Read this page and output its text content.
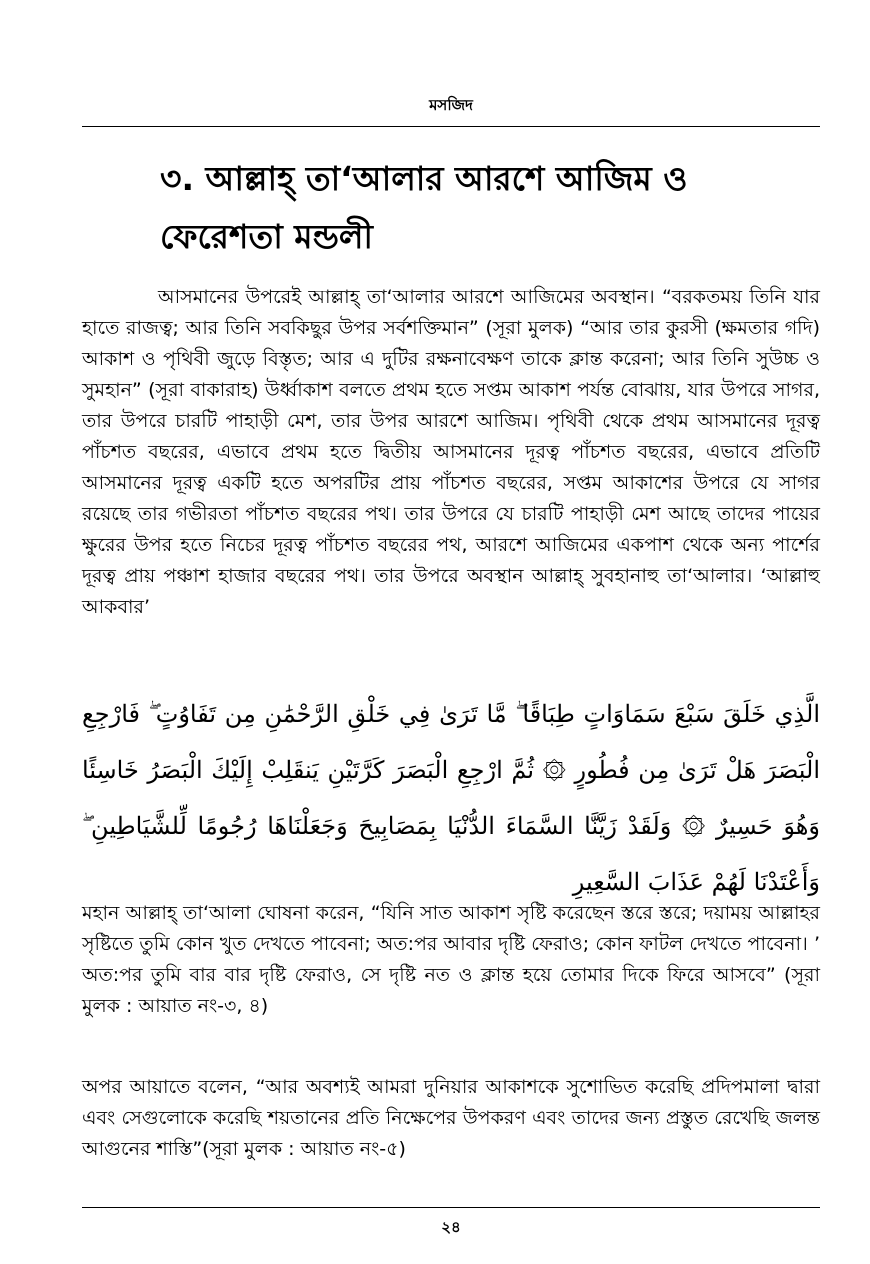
মসজিদ
৩. আল্লাহ্ তা‘আলার আরশে আজিম ও ফেরেশতা মন্ডলী

আসমানের উপরেই আল্লাহ্ তা‘আলার আরশে আজিমের অবস্থান। “বরকতময় তিনি যার হাতে রাজত্ব; আর তিনি সবকিছুর উপর সর্বশক্তিমান” (সূরা মুলক) “আর তার কুরসী (ক্ষমতার গদি) আকাশ ও পৃথিবী জুড়ে বিস্তৃত; আর এ দুটির রক্ষনাবেক্ষণ তাকে ক্লান্ত করেনা; আর তিনি সুউচ্চ ও সুমহান” (সূরা বাকারাহ) উর্ধ্বাকাশ বলতে প্রথম হতে সপ্তম আকাশ পর্যন্ত বোঝায়, যার উপরে সাগর, তার উপরে চারটি পাহাড়ী মেশ, তার উপর আরশে আজিম। পৃথিবী থেকে প্রথম আসমানের দূরত্ব পাঁচশত বছরের, এভাবে প্রথম হতে দ্বিতীয় আসমানের দূরত্ব পাঁচশত বছরের, এভাবে প্রতিটি আসমানের দূরত্ব একটি হতে অপরটির প্রায় পাঁচশত বছরের, সপ্তম আকাশের উপরে যে সাগর রয়েছে তার গভীরতা পাঁচশত বছরের পথ। তার উপরে যে চারটি পাহাড়ী মেশ আছে তাদের পায়ের ক্ষুরের উপর হতে নিচের দূরত্ব পাঁচশত বছরের পথ, আরশে আজিমের একপাশ থেকে অন্য পার্শের দূরত্ব প্রায় পঞ্চাশ হাজার বছরের পথ। তার উপরে অবস্থান আল্লাহ্ সুবহানাহু তা‘আলার। ‘আল্লাহু আকবার’

الَّذِي خَلَقَ سَبْعَ سَمَاوَاتٍ طِبَاقًا ۖ مَّا تَرَىٰ فِي خَلْقِ الرَّحْمَٰنِ مِن تَفَاوُتٍ ۖ فَارْجِعِ الْبَصَرَ هَلْ تَرَىٰ مِن فُطُورٍ ۞ ثُمَّ ارْجِعِ الْبَصَرَ كَرَّتَيْنِ يَنقَلِبْ إِلَيْكَ الْبَصَرُ خَاسِئًا وَهُوَ حَسِيرٌ ۞ وَلَقَدْ زَيَّنَّا السَّمَاءَ الدُّنْيَا بِمَصَابِيحَ وَجَعَلْنَاهَا رُجُومًا لِّلشَّيَاطِينِ ۖ وَأَعْتَدْنَا لَهُمْ عَذَابَ السَّعِيرِ

মহান আল্লাহ্ তা‘আলা ঘোষনা করেন, “যিনি সাত আকাশ সৃষ্টি করেছেন স্তরে স্তরে; দয়াময় আল্লাহর সৃষ্টিতে তুমি কোন খুত দেখতে পাবেনা; অত:পর আবার দৃষ্টি ফেরাও; কোন ফাটল দেখতে পাবেনা। ’ অত:পর তুমি বার বার দৃষ্টি ফেরাও, সে দৃষ্টি নত ও ক্লান্ত হয়ে তোমার দিকে ফিরে আসবে” (সূরা মুলক : আয়াত নং-৩, ৪)

অপর আয়াতে বলেন, “আর অবশ্যই আমরা দুনিয়ার আকাশকে সুশোভিত করেছি প্রদিপমালা দ্বারা এবং সেগুলোকে করেছি শয়তানের প্রতি নিক্ষেপের উপকরণ এবং তাদের জন্য প্রস্তুত রেখেছি জলন্ত আগুনের শাস্তি”(সূরা মুলক : আয়াত নং-৫)

২৪
